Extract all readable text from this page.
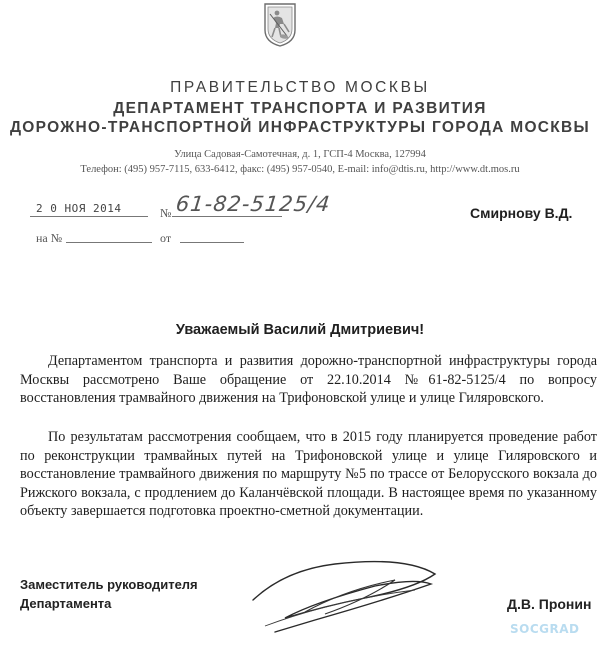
ПРАВИТЕЛЬСТВО МОСКВЫ
ДЕПАРТАМЕНТ ТРАНСПОРТА И РАЗВИТИЯ
ДОРОЖНО-ТРАНСПОРТНОЙ ИНФРАСТРУКТУРЫ ГОРОДА МОСКВЫ
Улица Садовая-Самотечная, д. 1, ГСП-4 Москва, 127994
Телефон: (495) 957-7115, 633-6412, факс: (495) 957-0540, E-mail: info@dtis.ru, http://www.dt.mos.ru
2 0 НОЯ 2014	№ 61-82-5125/4
на №	от
Смирнову В.Д.
Уважаемый Василий Дмитриевич!

Департаментом транспорта и развития дорожно-транспортной инфраструктуры города Москвы рассмотрено Ваше обращение от 22.10.2014 №61-82-5125/4 по вопросу восстановления трамвайного движения на Трифоновской улице и улице Гиляровского.

По результатам рассмотрения сообщаем, что в 2015 году планируется проведение работ по реконструкции трамвайных путей на Трифоновской улице и улице Гиляровского и восстановление трамвайного движения по маршруту №5 по трассе от Белорусского вокзала до Рижского вокзала, с продлением до Каланчёвской площади. В настоящее время по указанному объекту завершается подготовка проектно-сметной документации.

Заместитель руководителя
Департамента	Д.В. Пронин
SOCGRAD
